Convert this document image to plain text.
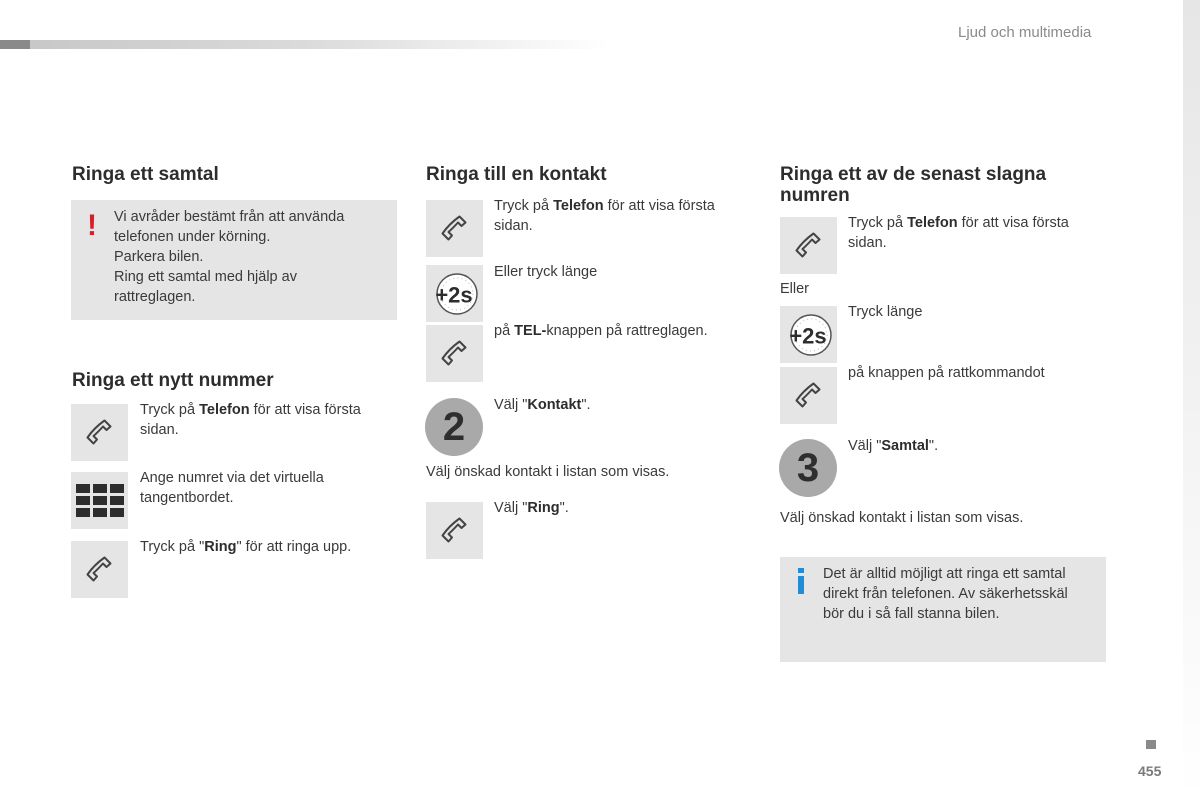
Ljud och multimedia
Ringa ett samtal
! Vi avråder bestämt från att använda
telefonen under körning.
Parkera bilen.
Ring ett samtal med hjälp av
rattreglagen.
Ringa ett nytt nummer
Tryck på Telefon för att visa första
sidan.
Ange numret via det virtuella
tangentbordet.
Tryck på "Ring" för att ringa upp.
Ringa till en kontakt
Tryck på Telefon för att visa första
sidan.
+2s
Eller tryck länge
på TEL-knappen på rattreglagen.
2	Välj "Kontakt".
Välj önskad kontakt i listan som visas.
Välj "Ring".
Ringa ett av de senast slagna
numren
Tryck på Telefon för att visa första
sidan.
Eller
+2s
Tryck länge
på knappen på rattkommandot
3	Välj "Samtal".
Välj önskad kontakt i listan som visas.
Det är alltid möjligt att ringa ett samtal
direkt från telefonen. Av säkerhetsskäl
bör du i så fall stanna bilen.
455
